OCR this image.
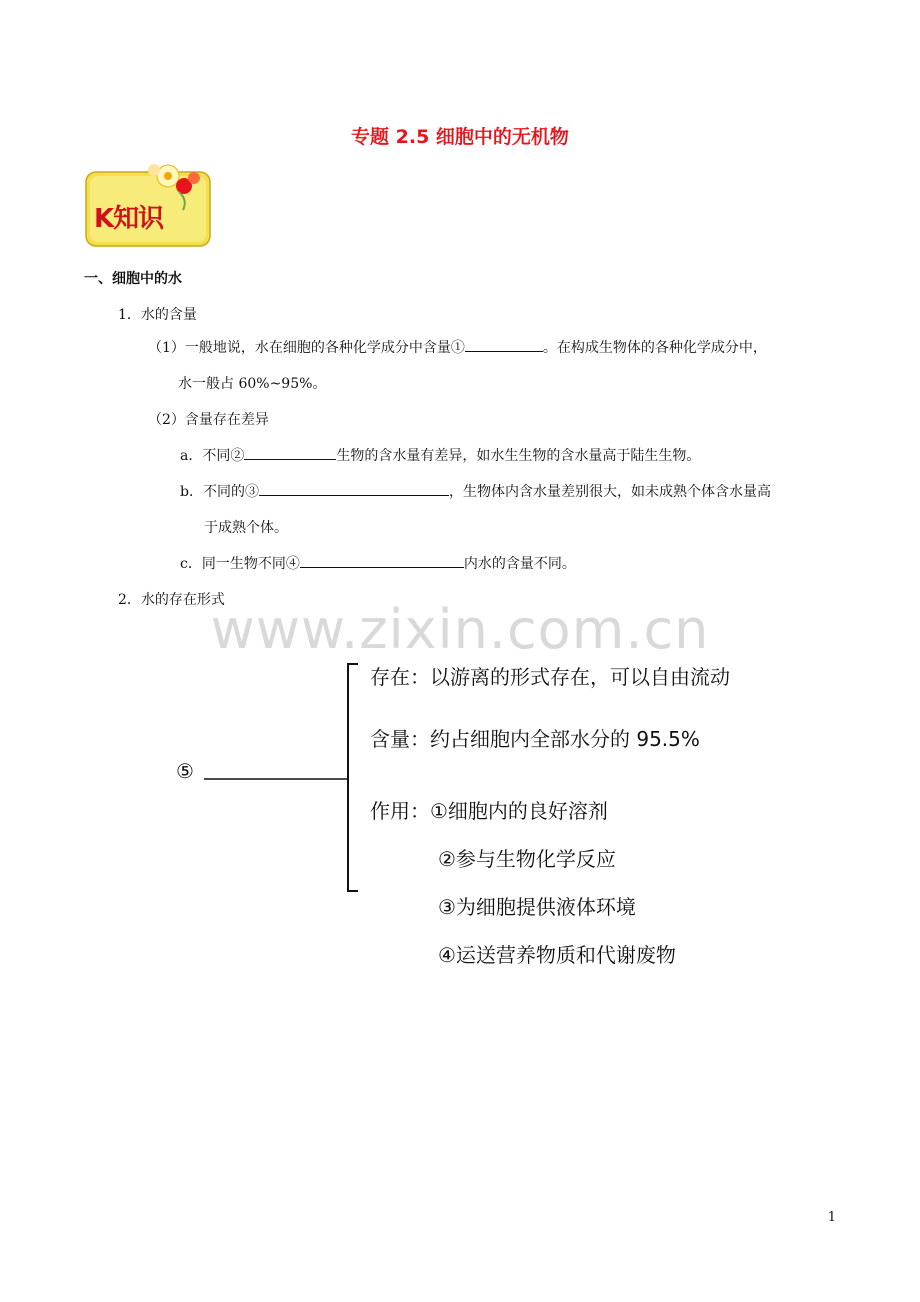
专题 2.5 细胞中的无机物
K知识
一、细胞中的水
1．水的含量
（1）一般地说，水在细胞的各种化学成分中含量①	。在构成生物体的各种化学成分中，
水一般占 60%~95%。
（2）含量存在差异
a．不同②	生物的含水量有差异，如水生生物的含水量高于陆生生物。
b．不同的③	，生物体内含水量差别很大，如未成熟个体含水量高
于成熟个体。
c．同一生物不同④	内水的含量不同。
2．水的存在形式
www.zixin.com.cn
⑤
存在：以游离的形式存在，可以自由流动
含量：约占细胞内全部水分的 95.5%
作用：①细胞内的良好溶剂
②参与生物化学反应
③为细胞提供液体环境
④运送营养物质和代谢废物
1
